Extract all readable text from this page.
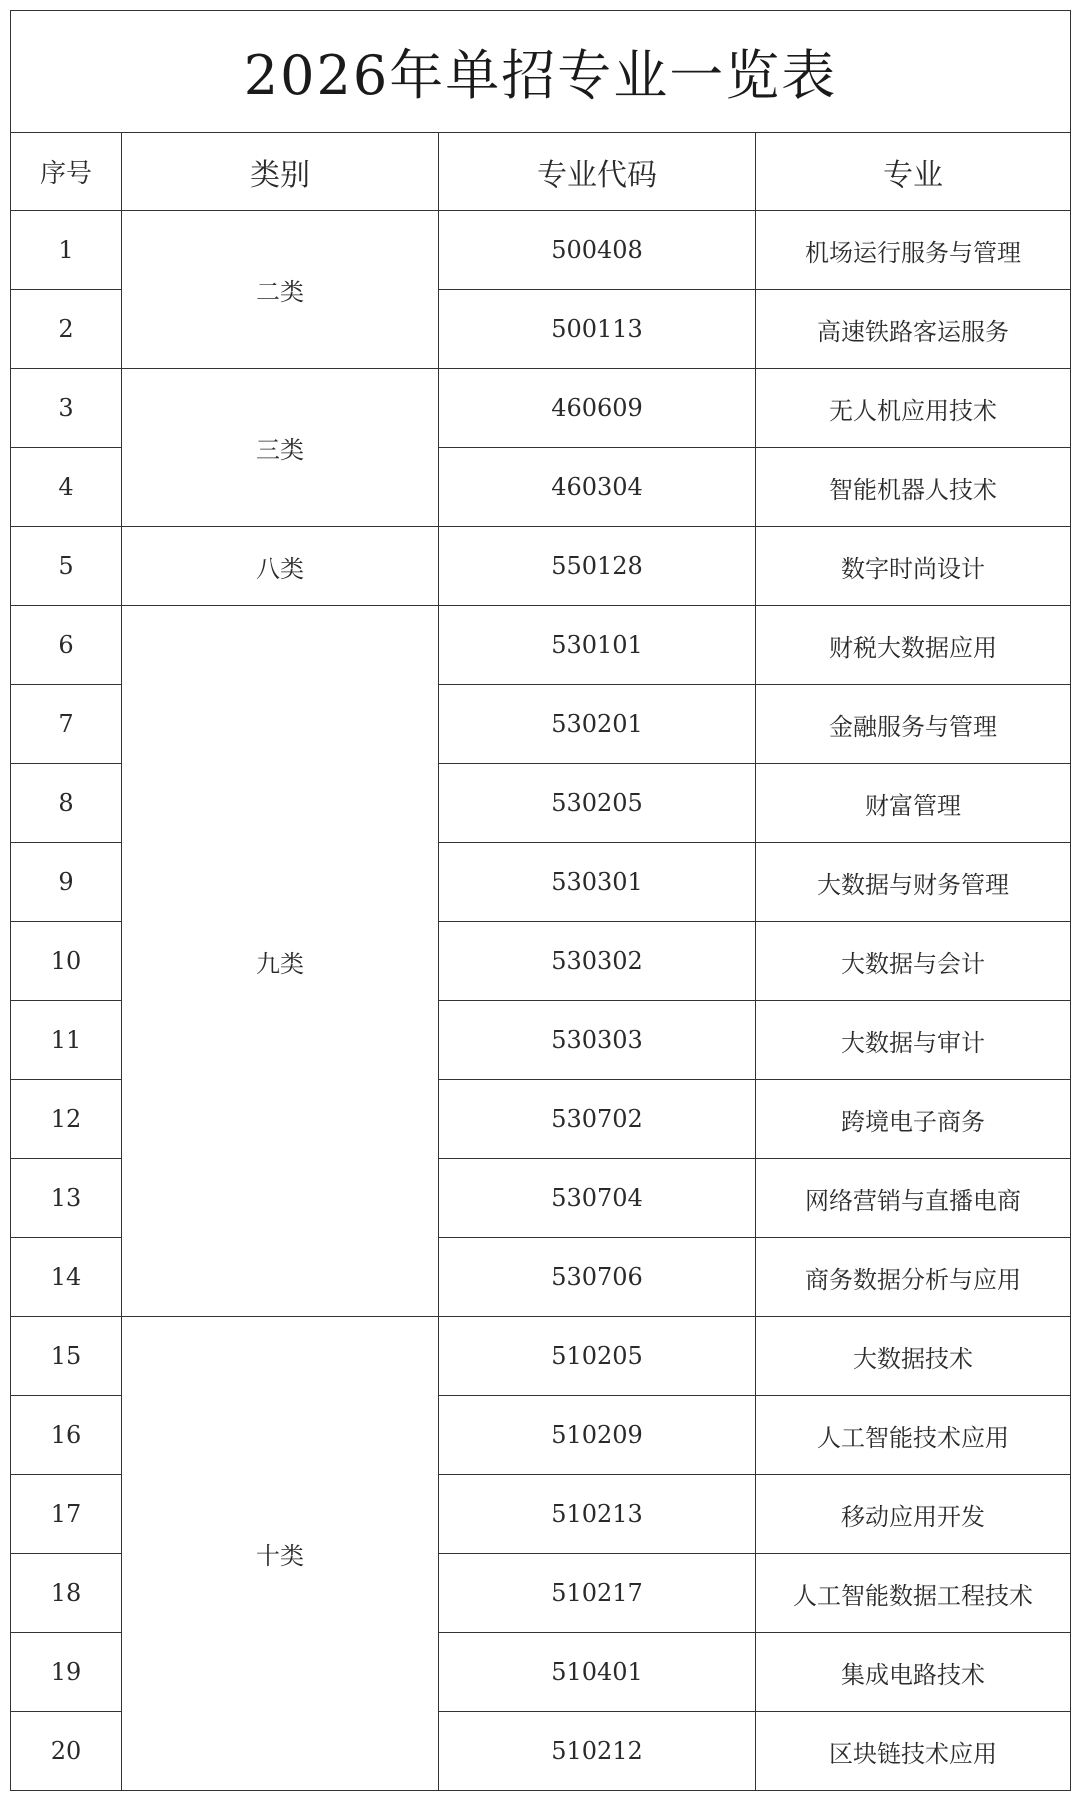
2026年单招专业一览表			
序号	类别	专业代码	专业
1	二类	500408	机场运行服务与管理
2		500113	高速铁路客运服务
3	三类	460609	无人机应用技术
4		460304	智能机器人技术
5	八类	550128	数字时尚设计
6	九类	530101	财税大数据应用
7		530201	金融服务与管理
8		530205	财富管理
9		530301	大数据与财务管理
10		530302	大数据与会计
11		530303	大数据与审计
12		530702	跨境电子商务
13		530704	网络营销与直播电商
14		530706	商务数据分析与应用
15	十类	510205	大数据技术
16		510209	人工智能技术应用
17		510213	移动应用开发
18		510217	人工智能数据工程技术
19		510401	集成电路技术
20		510212	区块链技术应用
